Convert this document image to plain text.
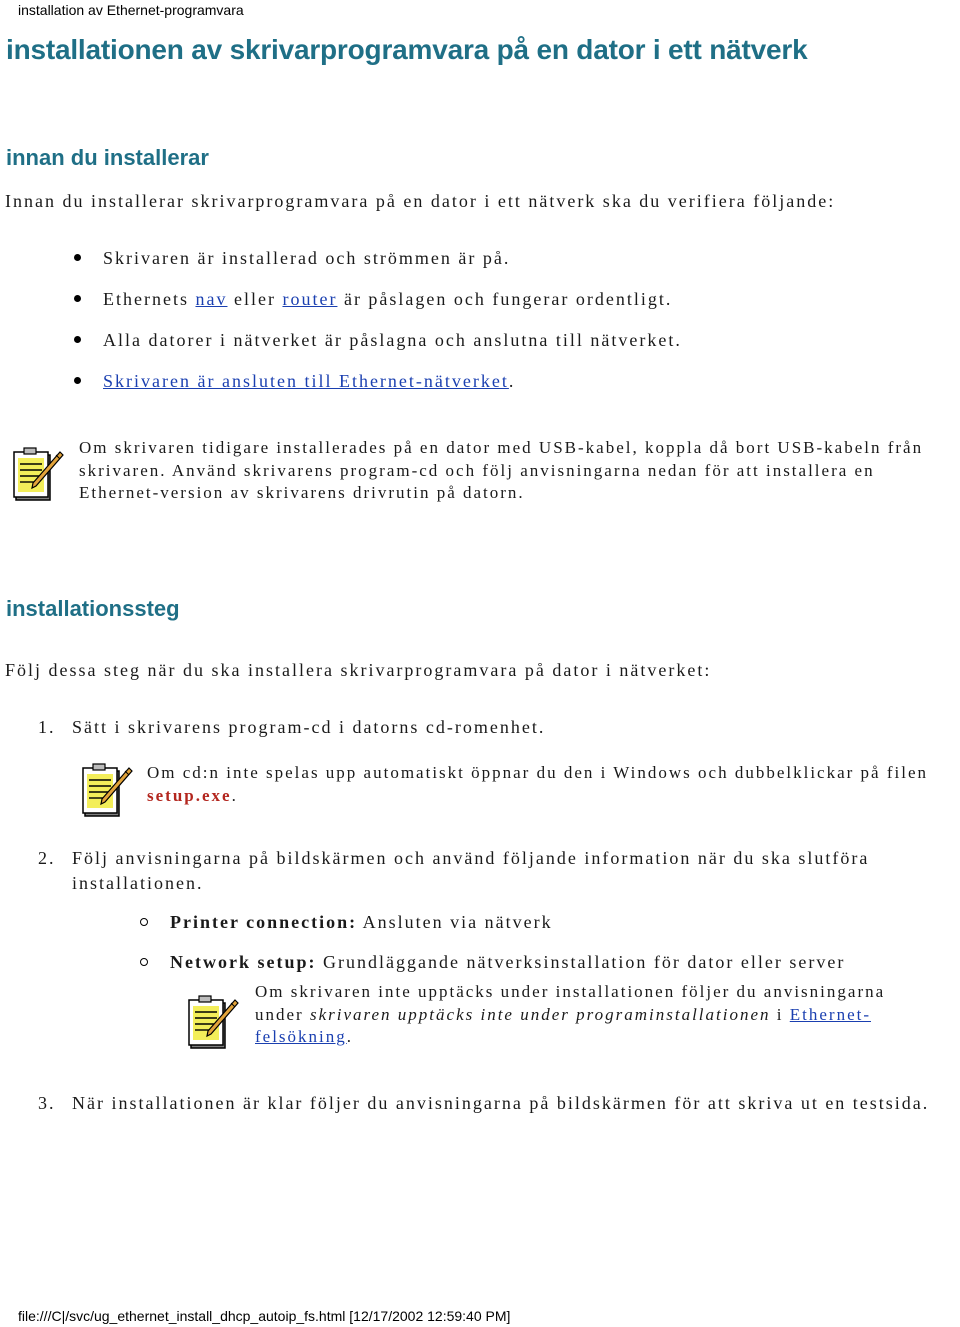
installation av Ethernet-programvara
installationen av skrivarprogramvara på en dator i ett nätverk
innan du installerar
Innan du installerar skrivarprogramvara på en dator i ett nätverk ska du verifiera följande:
Skrivaren är installerad och strömmen är på.
Ethernets nav eller router är påslagen och fungerar ordentligt.
Alla datorer i nätverket är påslagna och anslutna till nätverket.
Skrivaren är ansluten till Ethernet-nätverket.
Om skrivaren tidigare installerades på en dator med USB-kabel, koppla då bort USB-kabeln från skrivaren. Använd skrivarens program-cd och följ anvisningarna nedan för att installera en Ethernet-version av skrivarens drivrutin på datorn.
installationssteg
Följ dessa steg när du ska installera skrivarprogramvara på dator i nätverket:
1. Sätt i skrivarens program-cd i datorns cd-romenhet.
Om cd:n inte spelas upp automatiskt öppnar du den i Windows och dubbelklickar på filen setup.exe.
2. Följ anvisningarna på bildskärmen och använd följande information när du ska slutföra installationen.
Printer connection: Ansluten via nätverk
Network setup: Grundläggande nätverksinstallation för dator eller server
Om skrivaren inte upptäcks under installationen följer du anvisningarna under skrivaren upptäcks inte under programinstallationen i Ethernet-felsökning.
3. När installationen är klar följer du anvisningarna på bildskärmen för att skriva ut en testsida.
file:///C|/svc/ug_ethernet_install_dhcp_autoip_fs.html [12/17/2002 12:59:40 PM]
